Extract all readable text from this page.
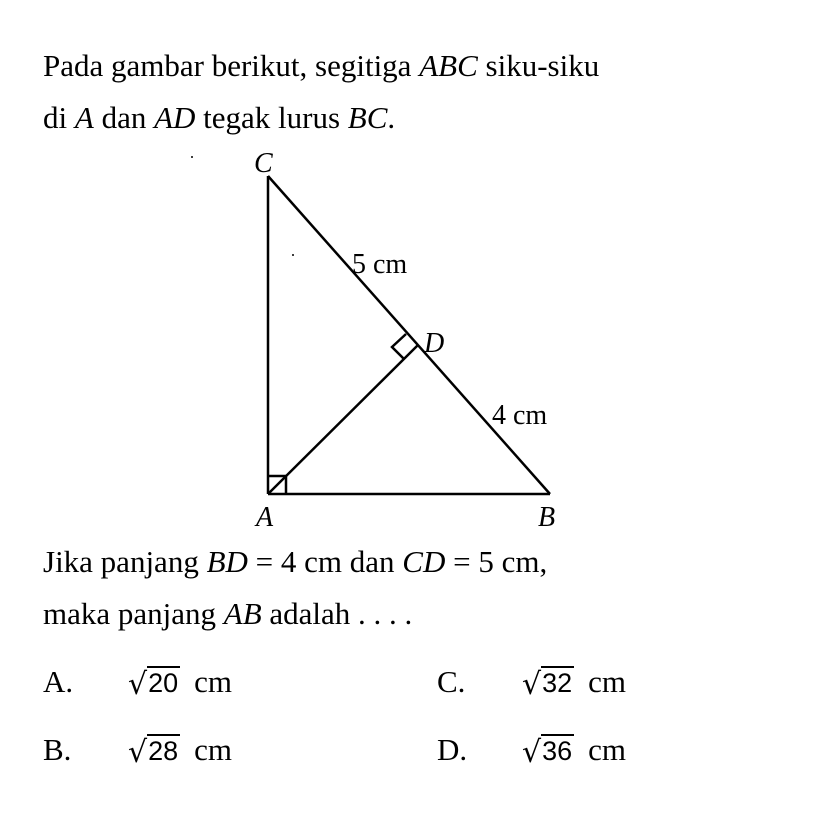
Pada gambar berikut, segitiga ABC siku-siku
di A dan AD tegak lurus BC.
C
D
A	B
5 cm
4 cm
Jika panjang BD = 4 cm dan CD = 5 cm,
maka panjang AB adalah . . . .
A.	√ 20 cm
B.	√ 28 cm
C.	√ 32 cm
D.	√ 36 cm
